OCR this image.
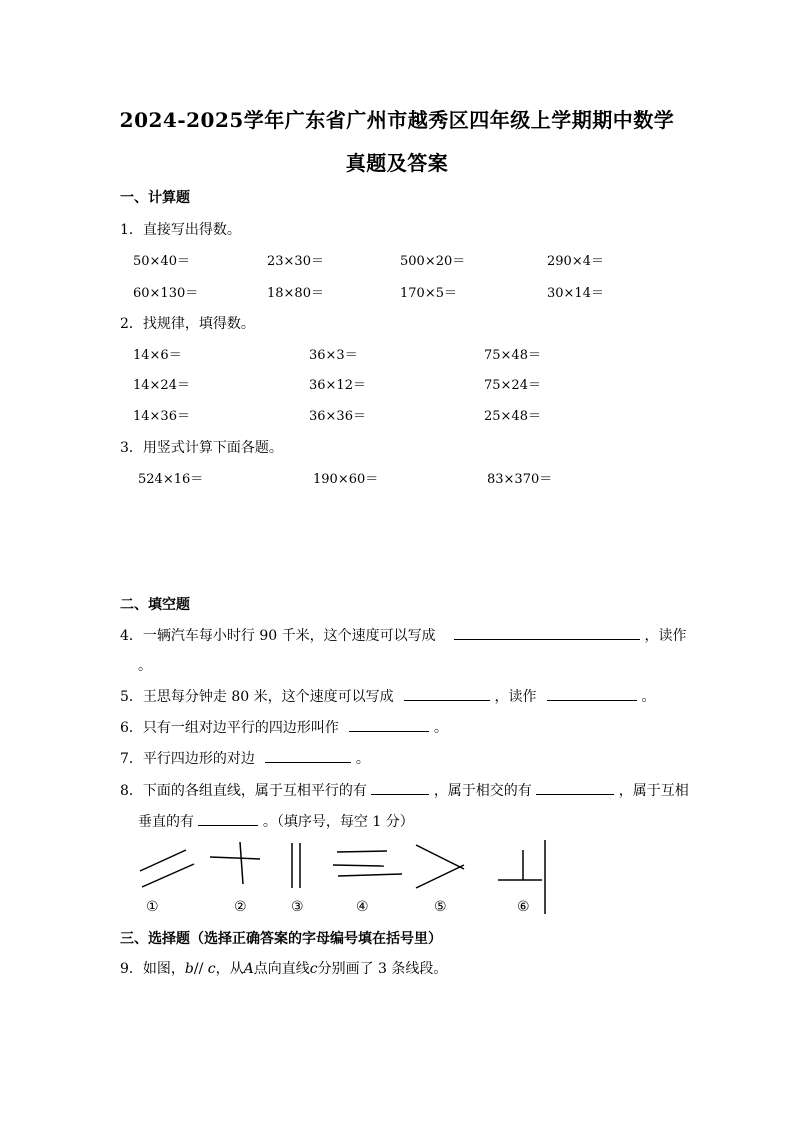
2024-2025学年广东省广州市越秀区四年级上学期期中数学
真题及答案
一、计算题
1．直接写出得数。
50×40＝	23×30＝	500×20＝	290×4＝
60×130＝	18×80＝	170×5＝	30×14＝
2．找规律，填得数。
14×6＝	36×3＝	75×48＝
14×24＝	36×12＝	75×24＝
14×36＝	36×36＝	25×48＝
3．用竖式计算下面各题。
524×16＝	190×60＝	83×370＝
二、填空题
4．一辆汽车每小时行 90 千米，这个速度可以写成	，读作
。
5．王思每分钟走 80 米，这个速度可以写成	，读作	。
6．只有一组对边平行的四边形叫作	。
7．平行四边形的对边	。
8．下面的各组直线，属于互相平行的有	，属于相交的有	，属于互相
垂直的有	。（填序号，每空 1 分）
①	②	③	④	⑤	⑥
三、选择题（选择正确答案的字母编号填在括号里）
9．如图，b// c，从A点向直线c分别画了 3 条线段。
